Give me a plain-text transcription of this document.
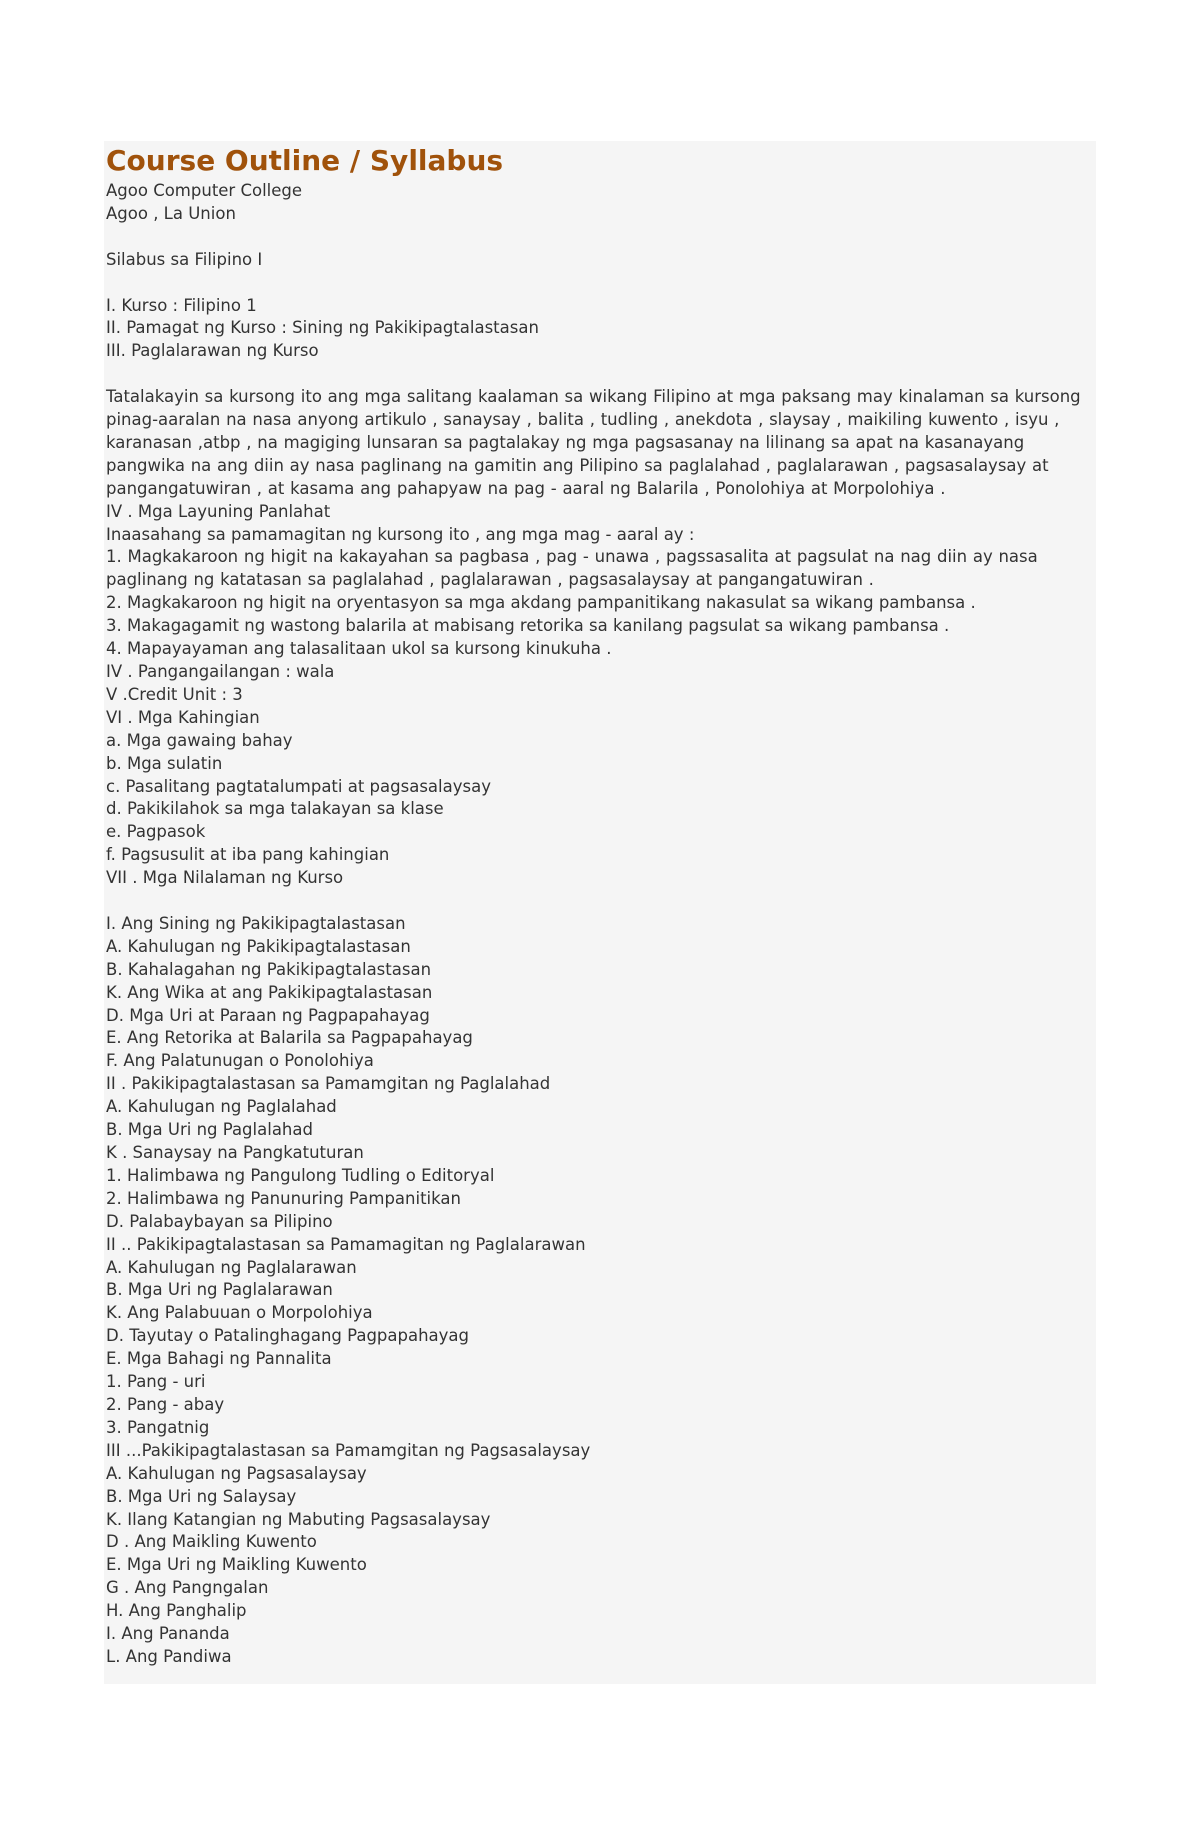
Course Outline / Syllabus
Agoo Computer College
Agoo , La Union
Silabus sa Filipino I
I. Kurso : Filipino 1
II. Pamagat ng Kurso : Sining ng Pakikipagtalastasan
III. Paglalarawan ng Kurso
Tatalakayin sa kursong ito ang mga salitang kaalaman sa wikang Filipino at mga paksang may kinalaman sa kursong pinag-aaralan na nasa anyong artikulo , sanaysay , balita , tudling , anekdota , slaysay , maikiling kuwento , isyu , karanasan ,atbp , na magiging lunsaran sa pagtalakay ng mga pagsasanay na lilinang sa apat na kasanayang pangwika na ang diin ay nasa paglinang na gamitin ang Pilipino sa paglalahad , paglalarawan , pagsasalaysay at pangangatuwiran , at kasama ang pahapyaw na pag - aaral ng Balarila , Ponolohiya at Morpolohiya .
IV . Mga Layuning Panlahat
Inaasahang sa pamamagitan ng kursong ito , ang mga mag - aaral ay :
1. Magkakaroon ng higit na kakayahan sa pagbasa , pag - unawa , pagssasalita at pagsulat na nag diin ay nasa paglinang ng katatasan sa paglalahad , paglalarawan , pagsasalaysay at pangangatuwiran .
2. Magkakaroon ng higit na oryentasyon sa mga akdang pampanitikang nakasulat sa wikang pambansa .
3. Makagagamit ng wastong balarila at mabisang retorika sa kanilang pagsulat sa wikang pambansa .
4. Mapayayaman ang talasalitaan ukol sa kursong kinukuha .
IV . Pangangailangan : wala
V .Credit Unit : 3
VI . Mga Kahingian
a. Mga gawaing bahay
b. Mga sulatin
c. Pasalitang pagtatalumpati at pagsasalaysay
d. Pakikilahok sa mga talakayan sa klase
e. Pagpasok
f. Pagsusulit at iba pang kahingian
VII . Mga Nilalaman ng Kurso
I. Ang Sining ng Pakikipagtalastasan
A. Kahulugan ng Pakikipagtalastasan
B. Kahalagahan ng Pakikipagtalastasan
K. Ang Wika at ang Pakikipagtalastasan
D. Mga Uri at Paraan ng Pagpapahayag
E. Ang Retorika at Balarila sa Pagpapahayag
F. Ang Palatunugan o Ponolohiya
II . Pakikipagtalastasan sa Pamamgitan ng Paglalahad
A. Kahulugan ng Paglalahad
B. Mga Uri ng Paglalahad
K . Sanaysay na Pangkatuturan
1. Halimbawa ng Pangulong Tudling o Editoryal
2. Halimbawa ng Panunuring Pampanitikan
D. Palabaybayan sa Pilipino
II .. Pakikipagtalastasan sa Pamamagitan ng Paglalarawan
A. Kahulugan ng Paglalarawan
B. Mga Uri ng Paglalarawan
K. Ang Palabuuan o Morpolohiya
D. Tayutay o Patalinghagang Pagpapahayag
E. Mga Bahagi ng Pannalita
1. Pang - uri
2. Pang - abay
3. Pangatnig
III ...Pakikipagtalastasan sa Pamamgitan ng Pagsasalaysay
A. Kahulugan ng Pagsasalaysay
B. Mga Uri ng Salaysay
K. Ilang Katangian ng Mabuting Pagsasalaysay
D . Ang Maikling Kuwento
E. Mga Uri ng Maikling Kuwento
G . Ang Pangngalan
H. Ang Panghalip
I. Ang Pananda
L. Ang Pandiwa
